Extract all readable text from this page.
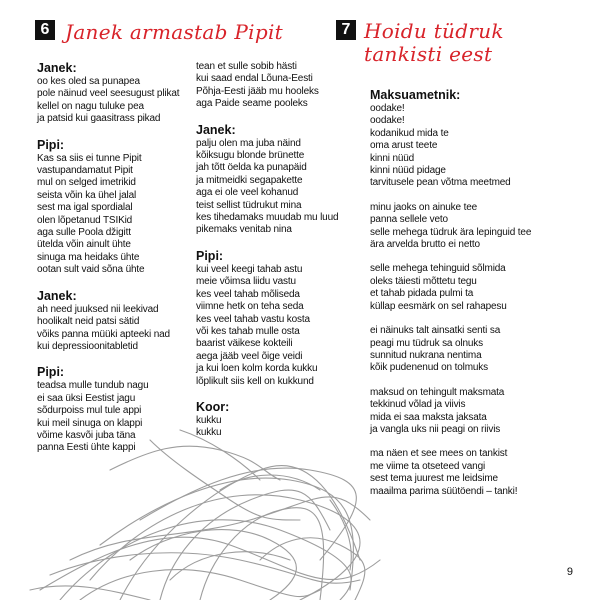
6 Janek armastab Pipit
Janek:
oo kes oled sa punapea
pole näinud veel seesugust plikat
kellel on nagu tuluke pea
ja patsid kui gaasitrass pikad
Pipi:
Kas sa siis ei tunne Pipit
vastupandamatut Pipit
mul on selged imetrikid
seista võin ka ühel jalal
sest ma igal spordialal
olen lõpetanud TSIKid
aga sulle Poola džigitt
ütelda võin ainult ühte
sinuga ma heidaks ühte
ootan sult vaid sõna ühte
Janek:
ah need juuksed nii leekivad
hoolikalt neid patsi sätid
võiks panna müüki apteeki nad
kui depressioonitabletid
Pipi:
teadsa mulle tundub nagu
ei saa üksi Eestist jagu
sõdurpoiss mul tule appi
kui meil sinuga on klappi
võime kasvõi juba täna
panna Eesti ühte kappi
tean et sulle sobib hästi
kui saad endal Lõuna-Eesti
Põhja-Eesti jääb mu hooleks
aga Paide seame pooleks
Janek:
palju olen ma juba näind
kõiksugu blonde brünette
jah tõtt öelda ka punapäid
ja mitmeidki segapakette
aga ei ole veel kohanud
teist sellist tüdrukut mina
kes tihedamaks muudab mu luud
pikemaks venitab nina
Pipi:
kui veel keegi tahab astu
meie võimsa liidu vastu
kes veel tahab mõliseda
viimne hetk on teha seda
kes veel tahab vastu kosta
või kes tahab mulle osta
baarist väikese kokteili
aega jääb veel õige veidi
ja kui loen kolm korda kukku
lõplikult siis kell on kukkund
Koor:
kukku
kukku
7 Hoidu tüdruk
tankisti eest
Maksuametnik:
oodake!
oodake!
kodanikud mida te
oma arust teete
kinni nüüd
kinni nüüd pidage
tarvitusele pean võtma meetmed
minu jaoks on ainuke tee
panna sellele veto
selle mehega tüdruk ära lepinguid tee
ära arvelda brutto ei netto
selle mehega tehinguid sõlmida
oleks täiesti mõttetu tegu
et tahab pidada pulmi ta
küllap eesmärk on sel rahapesu
ei näinuks talt ainsatki senti sa
peagi mu tüdruk sa olnuks
sunnitud nukrana nentima
kõik pudenenud on tolmuks
maksud on tehingult maksmata
tekkinud võlad ja viivis
mida ei saa maksta jaksata
ja vangla uks nii peagi on riivis
ma näen et see mees on tankist
me viime ta otseteed vangi
sest tema juurest me leidsime
maailma parima süütöendi – tanki!
9
